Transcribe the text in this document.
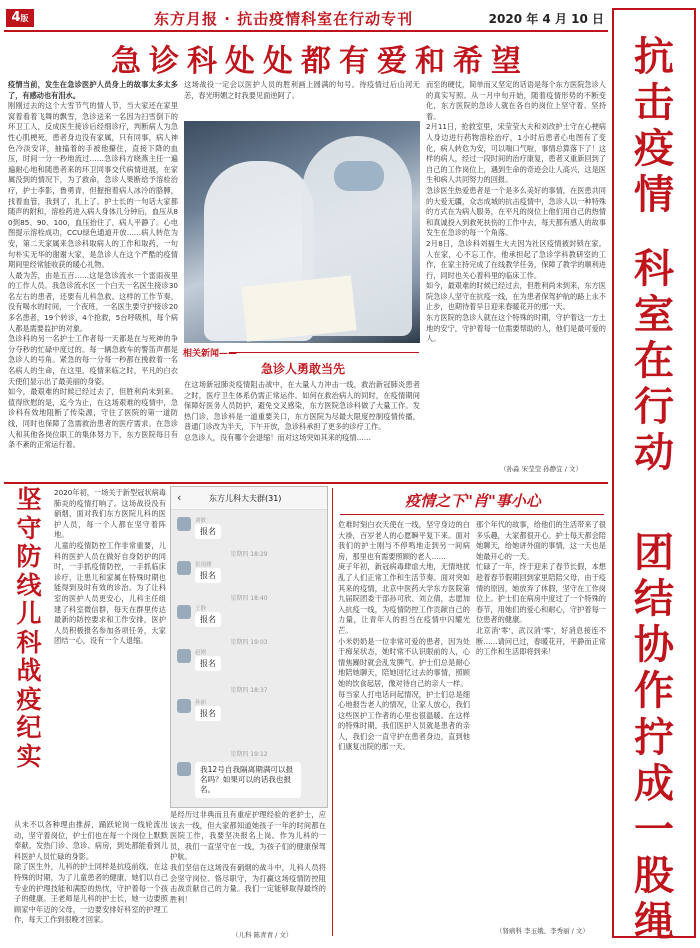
4版	东方月报 · 抗击疫情科室在行动专刊	2020 年 4 月 10 日
抗击疫情
科室在行动
团结协作
拧成一股绳
急诊科处处都有爱和希望
疫情当前，发生在急诊医护人员身上的故事太多太多了，有感动也有泪水。
刚刚过去的这个大雪节气的情人节，当大家还在家里窝着看着飞舞的飘雪，急诊送来一名因为扫雪倒下的环卫工人，反成医生接诊后经细诊疗，判断病人为急性心肌梗死，患者身边没有家属，只有同事，病人神色冷淡安详，抽搐着的手被他攥住，直接下降的血压，时间一分一秒地流过……急诊科方晓燕主任一遍遍耐心地和随患者来的环卫同事交代病情进展，在家属没到的情况下，为了救命，急诊人果断给予溶栓治疗，护士李影，鲁勇青，但握抱着病人冰冷的胳膊，找着血管，我到了，扎上了。护士长的一句话大家都随声的附和，溶栓药进入病人身体几分钟后，血压从80到85、90、100，血压抬住了，病人平静了。心电图提示溶栓成功，CCU绿色通道开放……病人转危为安，第二天家属来急诊科取病人的工作和取药，一句句朴实无华的谢谢大家，是急诊人在这个严酷的疫情期间里经常能收获的暖心礼物。
人最为苦，由是五百……这是急诊流水一个雷雨夜里的工作人员。我急诊流水区一个白天一名医生接诊30名左右的患者，还要有儿科急救。这样的工作节奏，没有喝水的时间，一个夜班，一名医生要守护接诊20多名患者，19个转诊，4个抢救，5台呼吸机，每个病人都是需要监护的对象。
急诊科的另一名护士工作者每一天都是在与死神的争分夺秒的忙碌中度过的。每一辆急救车的警笛声都是急诊人的号角。紧急的每一分每一秒都在挽救着一名名病人的生命，在这里，疫情来临之时，平凡的白衣天使们显示出了最美丽的身姿。
如今，最艰难的时候已经过去了，但胜利尚未到来。值得欣慰的是，迄今为止，在这场艰难的疫情中，急诊科有效地阻断了传染源，守住了医院的第一道防线，同时也保障了急需救治患者的医疗需求。在急诊人和其他各岗位职工的集体努力下，东方医院每日有条不紊的正常运行着。
这场战役一定会以医护人员的胜利画上圆满的句号。待疫情过后山河无恙，春光明媚之时我要见面逆阿了。
相关新闻——
急诊人勇敢当先
在这场新冠肺炎疫情阻击战中，在大量人力冲击一线，救治新冠肺炎患者之时，医疗卫生体系仍需正常运作。如何在救治病人的同时，在疫情期间保障好医务人员防护，避免交叉感染，东方医院急诊科做了大量工作。发热门诊、急诊科是一道重要关口，东方医院为尽最大限度控制疫情传播，普通门诊改为半天，下午开放，急诊科承担了更多的诊疗工作。
总急诊人，没有哪个会退缩！而对这场突如其来的疫情……
而至的硬仗，简单而又坚定的话语是每个东方医院急诊人的真实写照。从一月中旬开始，随着疫情形势的不断变化，东方医院的急诊人就在各自的岗位上坚守着、坚持着。
2月11日，抢救室里，宋莹莹大夫和刘改护士守在心梗病人身边进行药物溶栓治疗，1小时后患者心电图有了变化，病人转危为安，可以喘口气啦，事情总算落下了！这样的病人，经过一段时间的治疗康复，患者又重新回到了自己的工作岗位上，遇到生命的奇迹会让人高兴，这是医生和病人共同努力的回报。
急诊医生热爱患者是一个是多么美好的事情，在医患共同的大爱无疆，众志成城的抗击疫情中，急诊人以一种特殊的方式在为病人服务，在平凡的岗位上他们用自己的热情和真诚投入到救死扶伤的工作中去，每天都有感人的故事发生在急诊的每一个角落。
2月8日，急诊科刘福生大夫因为社区疫情被封锁在家。人在家，心不忘工作，他承担起了急诊学科教研室的工作，在家主持完成了在线教学任务，保障了教学的顺利进行，同时也关心着科里的临床工作。
如今，最艰难的时候已经过去，但胜利尚未到来，东方医院急诊人坚守在抗疫一线，在为患者保驾护航的路上永不止步，也期待着早日迎来春暖花开的那一天。
东方医院的急诊人就在这个特殊的时期，守护着这一方土地的安宁，守护着每一位需要帮助的人，他们是最可爱的人。
（孙淼 宋莹莹 孙静宜 / 文）
坚守防线儿科战疫纪实
2020年初，一场关于新型冠状病毒肺炎的疫情打响了。这场战役没有硝烟，面对我们东方医院儿科的医护人员，每一个人都在坚守着阵地。
儿童的疫情防控工作非常重要，儿科的医护人员在做好自身防护的同时，一手抓疫情防控，一手抓临床诊疗，让患儿和家属在特殊时期也能得到及时有效的诊治。为了让科室的医护人员更安心，儿科主任组建了科室微信群，每天在群里传达最新的防控要求和工作安排，医护人员积极报名参加各项任务，大家团结一心，没有一个人退缩。
从未不以各种理由推辞，踊跃轮岗一线轮流出动，坚守着岗位，护士们也在每一个岗位上默默奉献。发热门诊、急诊、病房，到处都能看到儿科医护人员忙碌的身影。
除了医生外，儿科的护士同样是抗疫前线，在这特殊的时期，为了儿童患者的健康，她们以自己专业的护理技能和满腔的热忱，守护着每一个孩子的健康。王老师是儿科的护士长，她一边要照顾家中年迈的父母，一边要安排好科室的护理工作，每天工作到很晚才回家。
‹	东方儿科大夫群(31)
刘敏
报名
星期四 18:29
张雨涵
报名
星期四 18:40
王静
报名
星期四 19:03
赵刚
报名
星期四 18:37
孙丽
报名
星期四 19:12
我12号自我隔离期满可以报名吗？如果可以的话我也报名。
是经历过非典而且有重症护理经验的老护士，应该去一线，但大家都知道她孩子一年的时间都在医院工作，我要坚决报名上岗。作为儿科的一员，我们一直坚守在一线，为孩子们的健康保驾护航。
我们坚信在这场没有硝烟的战斗中，儿科人员将会坚守岗位、恪尽职守，为打赢这场疫情防控阻击战贡献自己的力量。我们一定能够取得最终的胜利！
（儿科 陈青青 / 文）
疫情之下"肖"事小心
危难时刻白衣天使在一线，坚守身边的白大褂，百岁老人的心愿瞬平复下来。面对我们的护士刚与不停鸣地走到另一间病房，那里也有需要照顾的老人……
庚子年初，新冠病毒肆虐大地，无情地扰乱了人们正常工作和生活节奏。面对突如其来的疫情，北京中医药大学东方医院第九届院团委干部孙可欣、刘立倩，志愿加入抗疫一线，为疫情防控工作贡献自己的力量，让青年人的担当在疫情中闪耀光芒。
小米奶奶是一位非常可爱的患者，因为处于痴呆状态，她时常不认识眼前的人，心情焦躁时就会乱发脾气。护士们总是耐心地陪她聊天，陪她回忆过去的事情，照顾她的饮食起居，像对待自己的亲人一样。
每当家人打电话问起情况，护士们总是细心地报告老人的情况，让家人放心，我们这些医护工作者的心里也很温暖。在这样的特殊时期，我们医护人员就是患者的亲人，我们会一直守护在患者身边，直到他们康复出院的那一天。
那个年代的故事，给他们的生活带来了很多乐趣，大家都很开心。护士每天都会陪她聊天，给她讲外面的事情，这一天也是她最开心的一天。
忙碌了一年，终于迎来了春节长假，本想趁着春节假期回到家里陪陪父母，由于疫情的原因，她放弃了休假，坚守在工作岗位上。护士们在病房中度过了一个特殊的春节，用她们的爱心和耐心，守护着每一位患者的健康。
北京消'零'，武汉消'零'，好消息接连不断……请问已过，春暖花开，平静而正常的工作和生活即将到来！
（肾病科 李玉娥、李秀丽 / 文）
